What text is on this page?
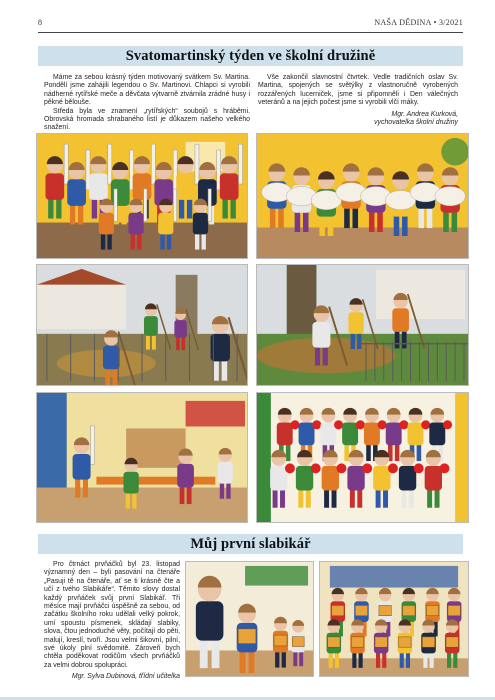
8	NAŠA DĚDINA • 3/2021
Svatomartinský týden ve školní družině

Máme za sebou krásný týden motivovaný svátkem Sv. Martina. Pondělí jsme zahájili legendou o Sv. Martinovi. Chlapci si vyrobili nádherné rytířské meče a děvčata výtvarně ztvárnila zrádné husy i pěkné bělouše.

Středa byla ve znamení „rytířských“ soubojů s hráběmi. Obrovská hromada shrabaného listí je důkazem našeho velkého snažení.

Vše zakončil slavnostní čtvrtek. Vedle tradičních oslav Sv. Martina, spojených se světýlky z vlastnoručně vyrobených rozzářených lucerniček, jsme si připomněli i Den válečných veteránů a na jejich počest jsme si vyrobili vlčí máky.

Mgr. Andrea Kurková,

vychovatelka školní družiny

Můj první slabikář

Pro čtrnáct prvňáčků byl 23. listopad významný den – byli pasování na čtenáře „Pasuji tě na čtenáře, ať se ti krásně čte a učí z tvého Slabikáře“. Těmito slovy dostal každý prvňáček svůj první Slabikář. Tři měsíce mají prvňáčci úspěšně za sebou, od začátku školního roku udělali velký pokrok, umí spoustu písmenek, skládají slabiky, slova, čtou jednoduché věty, počítají do pěti, malují, kreslí, tvoří. Jsou velmi šikovní, pilní, své úkoly plní svědomitě. Zároveň bych chtěla poděkovat rodičům všech prvňáčků za velmi dobrou spolupráci.

Mgr. Sylva Dubinová, třídní učitelka
